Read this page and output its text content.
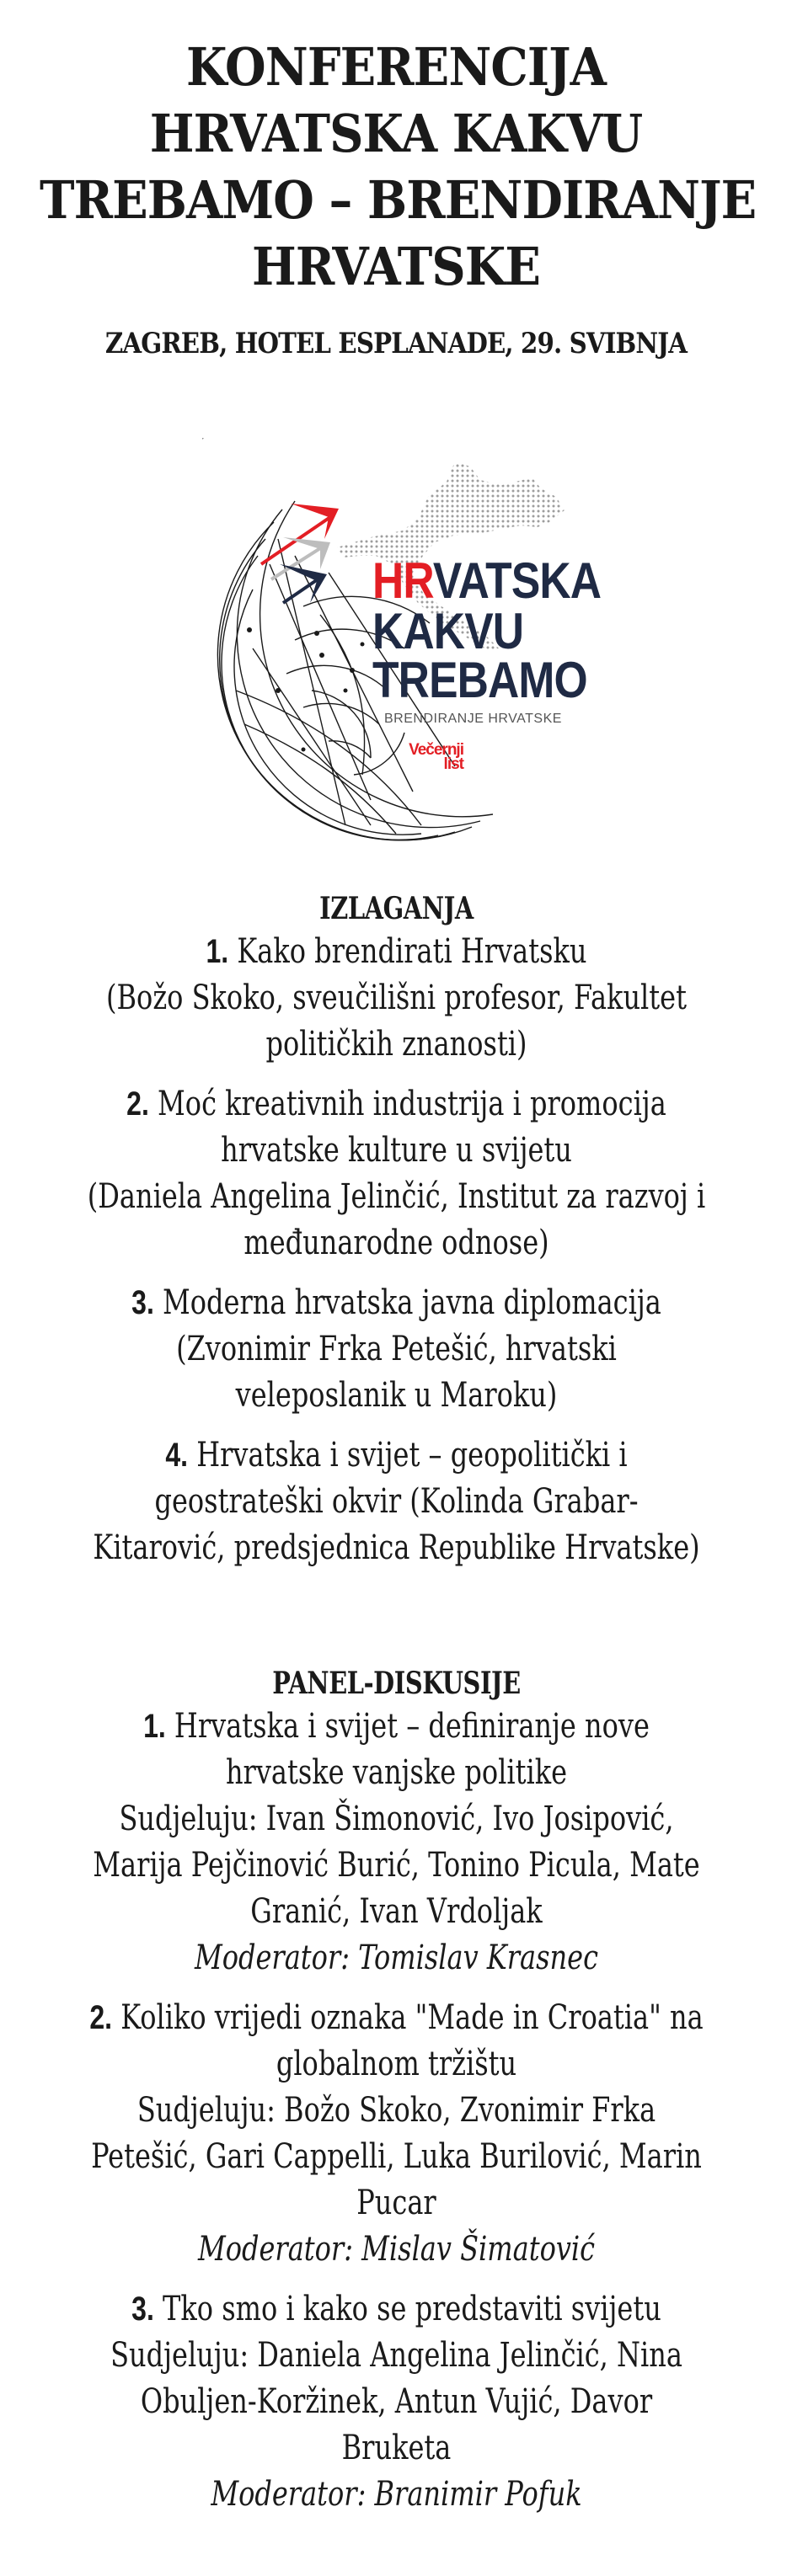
KONFERENCIJA
HRVATSKA KAKVU
TREBAMO – BRENDIRANJE
HRVATSKE
ZAGREB, HOTEL ESPLANADE, 29. SVIBNJA
HRVATSKA
KAKVU
TREBAMO
BRENDIRANJE HRVATSKE
Večernji
list
IZLAGANJA

1. Kako brendirati Hrvatsku

(Božo Skoko, sveučilišni profesor, Fakultet

političkih znanosti)

2. Moć kreativnih industrija i promocija

hrvatske kulture u svijetu

(Daniela Angelina Jelinčić, Institut za razvoj i

međunarodne odnose)

3. Moderna hrvatska javna diplomacija

(Zvonimir Frka Petešić, hrvatski

veleposlanik u Maroku)

4. Hrvatska i svijet – geopolitički i

geostrateški okvir (Kolinda Grabar-

Kitarović, predsjednica Republike Hrvatske)

PANEL-DISKUSIJE

1. Hrvatska i svijet – definiranje nove

hrvatske vanjske politike

Sudjeluju: Ivan Šimonović, Ivo Josipović,

Marija Pejčinović Burić, Tonino Picula, Mate

Granić, Ivan Vrdoljak

Moderator: Tomislav Krasnec

2. Koliko vrijedi oznaka "Made in Croatia" na

globalnom tržištu

Sudjeluju: Božo Skoko, Zvonimir Frka

Petešić, Gari Cappelli, Luka Burilović, Marin

Pucar

Moderator: Mislav Šimatović

3. Tko smo i kako se predstaviti svijetu

Sudjeluju: Daniela Angelina Jelinčić, Nina

Obuljen-Koržinek, Antun Vujić, Davor

Bruketa

Moderator: Branimir Pofuk
